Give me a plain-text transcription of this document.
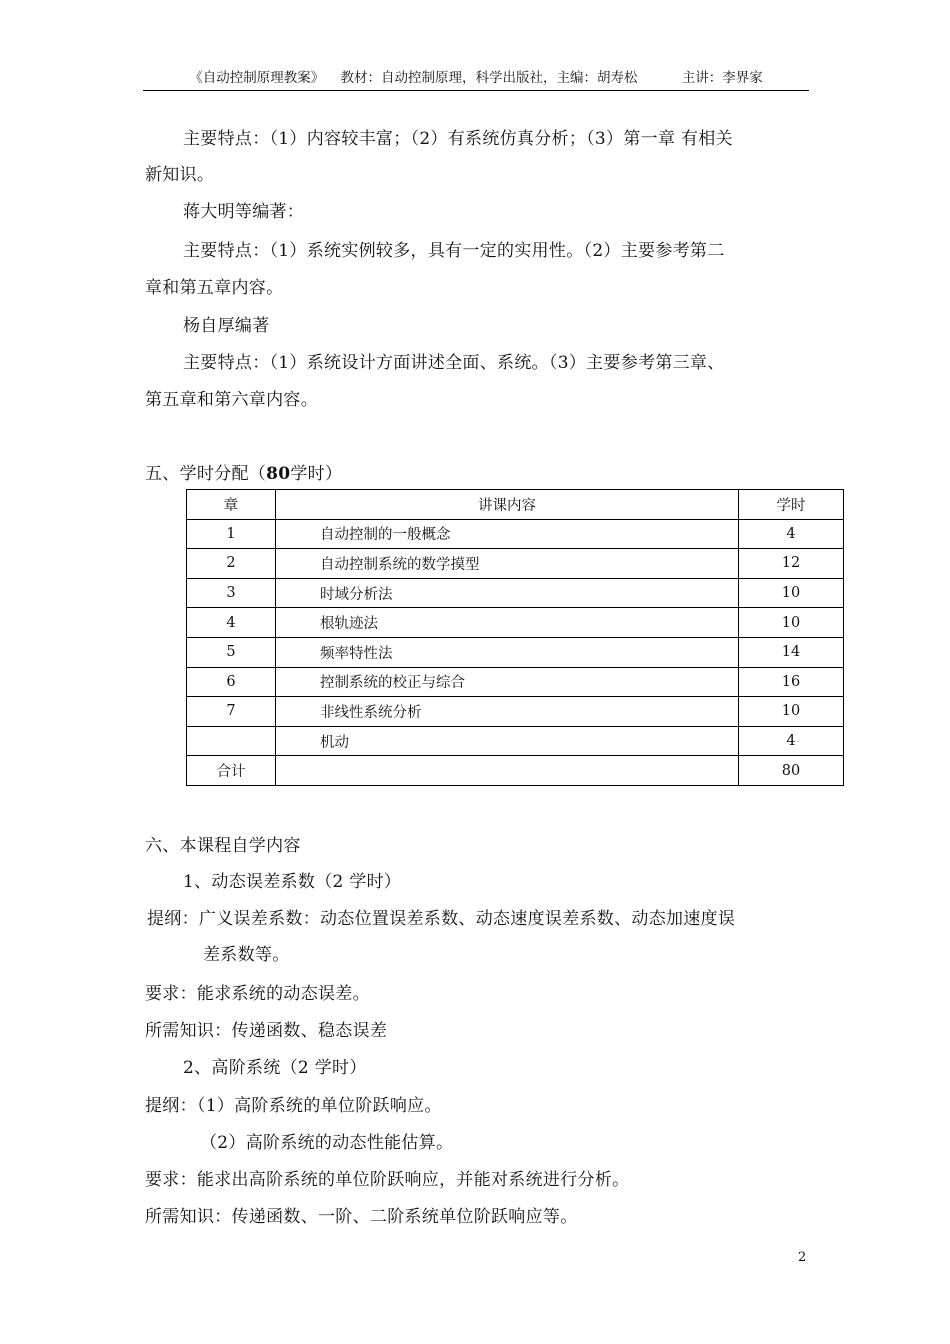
《自动控制原理教案》 教材：自动控制原理，科学出版社，主编：胡寿松	主讲：李界家
主要特点：（1）内容较丰富；（2）有系统仿真分析；（3）第一章 有相关
新知识。
蒋大明等编著：
主要特点：（1）系统实例较多，具有一定的实用性。（2）主要参考第二
章和第五章内容。
杨自厚编著
主要特点：（1）系统设计方面讲述全面、系统。（3）主要参考第三章、
第五章和第六章内容。
五、学时分配（80学时）
章	讲课内容	学时
1	自动控制的一般概念	4
2	自动控制系统的数学摸型	12
3	时域分析法	10
4	根轨迹法	10
5	频率特性法	14
6	控制系统的校正与综合	16
7	非线性系统分析	10
	机动	4
合计		80
六、本课程自学内容
1、动态误差系数（2 学时）
提纲：广义误差系数：动态位置误差系数、动态速度误差系数、动态加速度误
差系数等。
要求：能求系统的动态误差。
所需知识：传递函数、稳态误差
2、高阶系统（2 学时）
提纲：（1）高阶系统的单位阶跃响应。
（2）高阶系统的动态性能估算。
要求：能求出高阶系统的单位阶跃响应，并能对系统进行分析。
所需知识：传递函数、一阶、二阶系统单位阶跃响应等。
2
